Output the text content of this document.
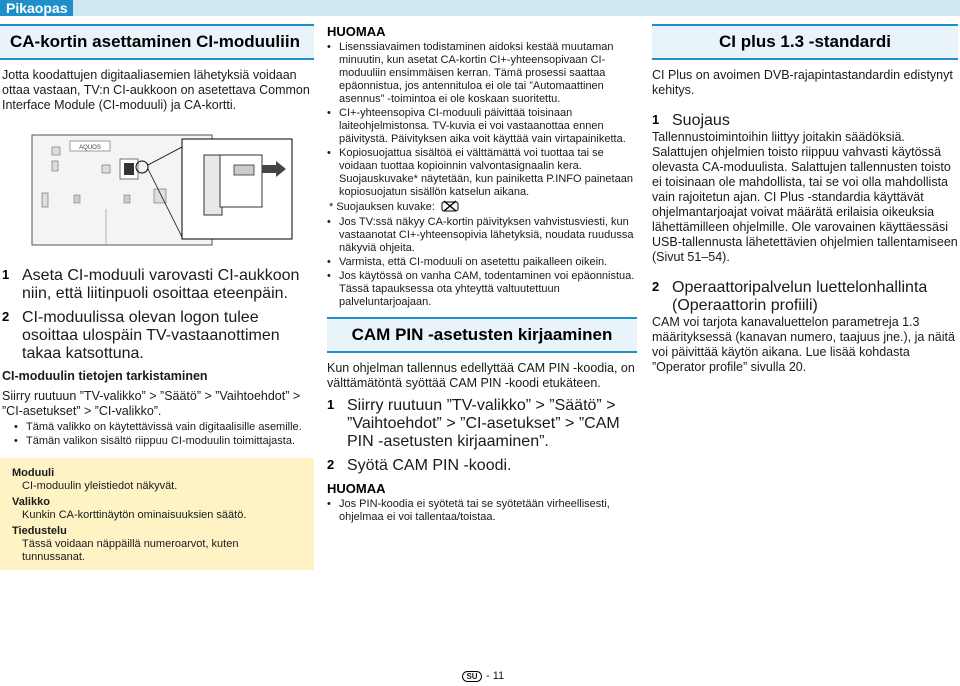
Pikaopas
CA-kortin asettaminen CI-moduuliin

Jotta koodattujen digitaaliasemien lähetyksiä voidaan ottaa vastaan, TV:n CI-aukkoon on asetettava Common Interface Module (CI-moduuli) ja CA-kortti.

AQUOS
1 Aseta CI-moduuli varovasti CI-aukkoon niin, että liitinpuoli osoittaa eteenpäin.
2 CI-moduulissa olevan logon tulee osoittaa ulospäin TV-vastaanottimen takaa katsottuna.
CI-moduulin tietojen tarkistaminen

Siirry ruutuun ”TV-valikko” > ”Säätö” > ”Vaihtoehdot” > ”CI-asetukset” > ”CI-valikko”.

• Tämä valikko on käytettävissä vain digitaalisille asemille.
• Tämän valikon sisältö riippuu CI-moduulin toimittajasta.
Moduuli
CI-moduulin yleistiedot näkyvät.
Valikko
Kunkin CA-korttinäytön ominaisuuksien säätö.
Tiedustelu
Tässä voidaan näppäillä numeroarvot, kuten tunnussanat.
HUOMAA
• Lisenssiavaimen todistaminen aidoksi kestää muutaman minuutin, kun asetat CA-kortin CI+-yhteensopivaan CI-moduuliin ensimmäisen kerran. Tämä prosessi saattaa epäonnistua, jos antennituloa ei ole tai ”Automaattinen asennus” -toimintoa ei ole koskaan suoritettu.
• CI+-yhteensopiva CI-moduuli päivittää toisinaan laiteohjelmistonsa. TV-kuvia ei voi vastaanottaa ennen päivitystä. Päivityksen aika voit käyttää vain virtapainiketta.
• Kopiosuojattua sisältöä ei välttämättä voi tuottaa tai se voidaan tuottaa kopioinnin valvontasignaalin kera. Suojauskuvake* näytetään, kun painiketta P.INFO painetaan kopiosuojatun sisällön katselun aikana.
* Suojauksen kuvake:
• Jos TV:ssä näkyy CA-kortin päivityksen vahvistusviesti, kun vastaanotat CI+-yhteensopivia lähetyksiä, noudata ruudussa näkyviä ohjeita.
• Varmista, että CI-moduuli on asetettu paikalleen oikein.
• Jos käytössä on vanha CAM, todentaminen voi epäonnistua. Tässä tapauksessa ota yhteyttä valtuutettuun palveluntarjoajaan.
CAM PIN -asetusten kirjaaminen

Kun ohjelman tallennus edellyttää CAM PIN -koodia, on välttämätöntä syöttää CAM PIN -koodi etukäteen.

1 Siirry ruutuun ”TV-valikko” > ”Säätö” > ”Vaihtoehdot” > ”CI-asetukset” > ”CAM PIN -asetusten kirjaaminen”.
2 Syötä CAM PIN -koodi.
HUOMAA
• Jos PIN-koodia ei syötetä tai se syötetään virheellisesti, ohjelmaa ei voi tallentaa/toistaa.
CI plus 1.3 -standardi

CI Plus on avoimen DVB-rajapintastandardin edistynyt kehitys.

1 Suojaus

Tallennustoimintoihin liittyy joitakin säädöksiä. Salattujen ohjelmien toisto riippuu vahvasti käytössä olevasta CA-moduulista. Salattujen tallennusten toisto ei toisinaan ole mahdollista, tai se voi olla mahdollista vain rajoitetun ajan. CI Plus -standardia käyttävät ohjelmantarjoajat voivat määrätä erilaisia oikeuksia lähettämilleen ohjelmille. Ole varovainen käyttäessäsi USB-tallennusta lähetettävien ohjelmien tallentamiseen (Sivut 51–54).

2 Operaattoripalvelun luettelonhallinta (Operaattorin profiili)

CAM voi tarjota kanavaluettelon parametreja 1.3 määrityksessä (kanavan numero, taajuus jne.), ja näitä voi päivittää käytön aikana. Lue lisää kohdasta ”Operator profile” sivulla 20.

SU - 11
